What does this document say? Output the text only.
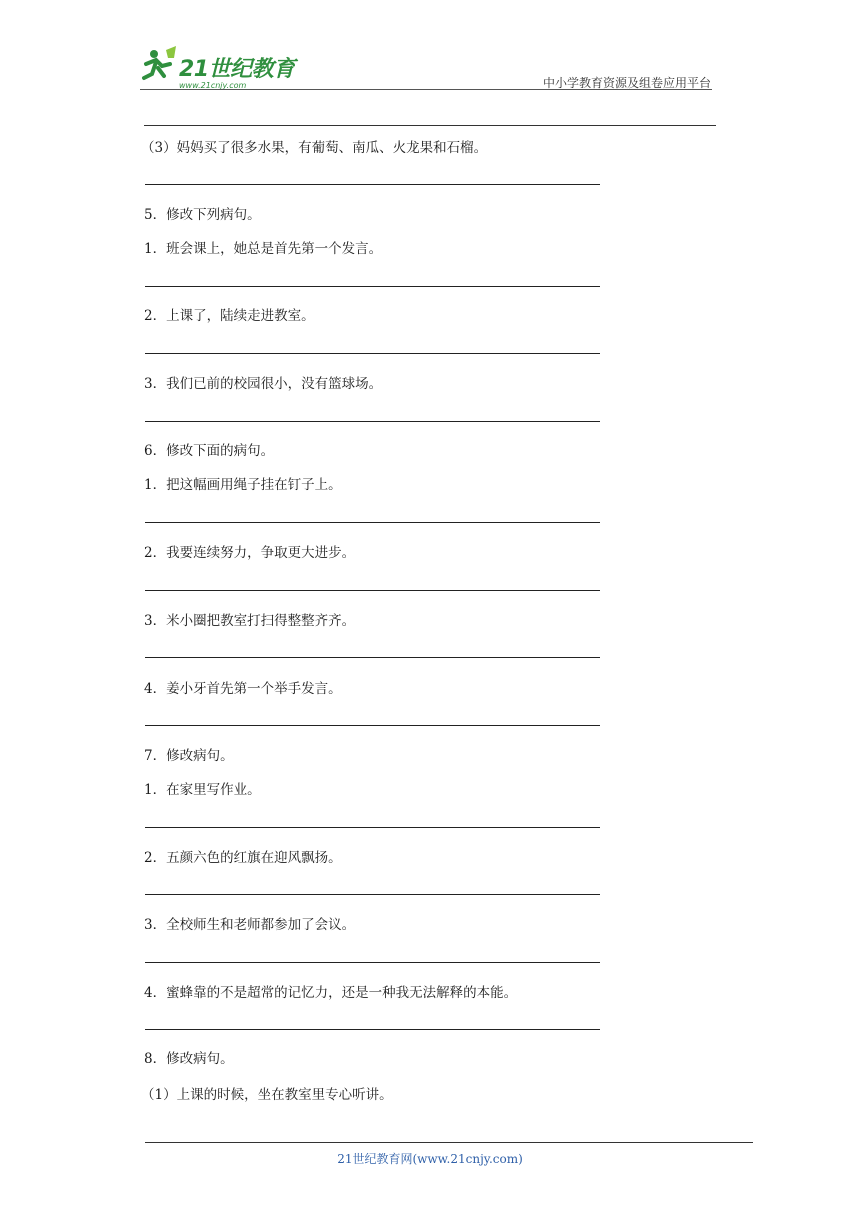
21世纪教育
www.21cnjy.com	中小学教育资源及组卷应用平台
（3）妈妈买了很多水果，有葡萄、南瓜、火龙果和石榴。
5．修改下列病句。
1．班会课上，她总是首先第一个发言。
2．上课了，陆续走进教室。
3．我们已前的校园很小，没有篮球场。
6．修改下面的病句。
1．把这幅画用绳子挂在钉子上。
2．我要连续努力，争取更大进步。
3．米小圈把教室打扫得整整齐齐。
4．姜小牙首先第一个举手发言。
7．修改病句。
1．在家里写作业。
2．五颜六色的红旗在迎风飘扬。
3．全校师生和老师都参加了会议。
4．蜜蜂靠的不是超常的记忆力，还是一种我无法解释的本能。
8．修改病句。
（1）上课的时候，坐在教室里专心听讲。
21世纪教育网(www.21cnjy.com)
